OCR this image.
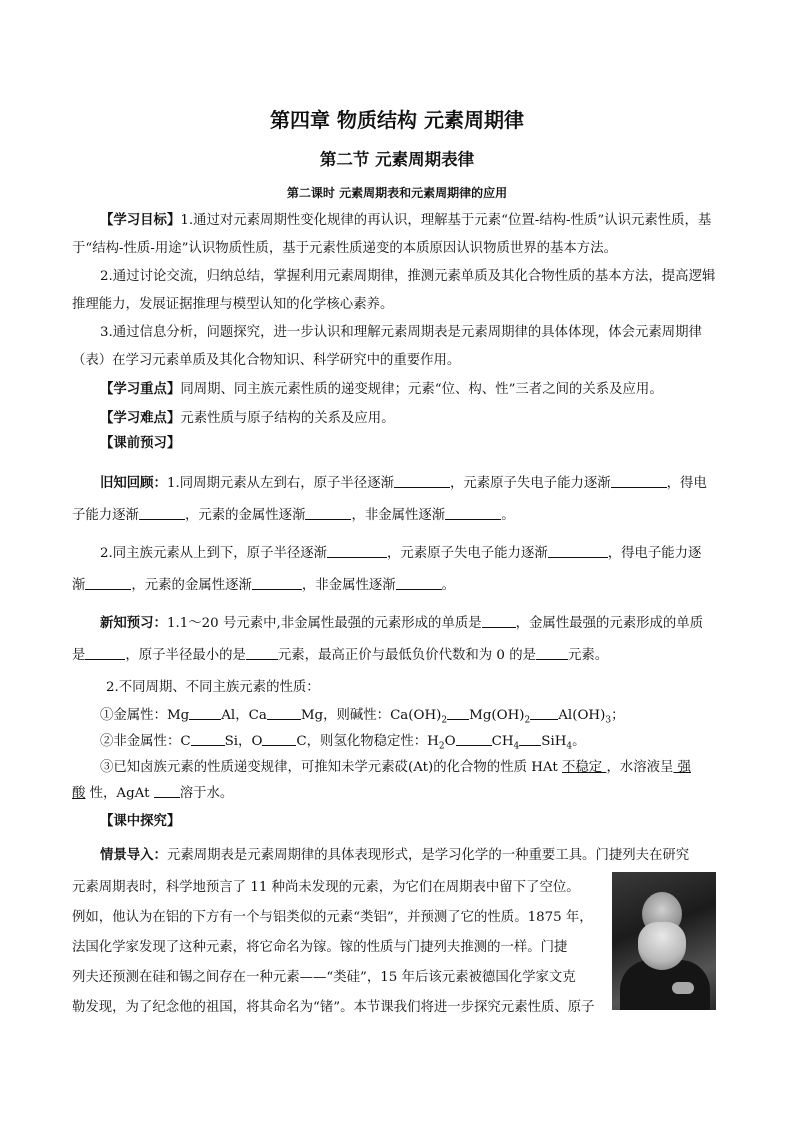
第四章 物质结构 元素周期律
第二节 元素周期表律
第二课时 元素周期表和元素周期律的应用

【学习目标】1.通过对元素周期性变化规律的再认识，理解基于元素“位置-结构-性质”认识元素性质，基于“结构-性质-用途”认识物质性质，基于元素性质递变的本质原因认识物质世界的基本方法。

2.通过讨论交流，归纳总结，掌握利用元素周期律，推测元素单质及其化合物性质的基本方法，提高逻辑推理能力，发展证据推理与模型认知的化学核心素养。

3.通过信息分析，问题探究，进一步认识和理解元素周期表是元素周期律的具体体现，体会元素周期律（表）在学习元素单质及其化合物知识、科学研究中的重要作用。

【学习重点】同周期、同主族元素性质的递变规律；元素“位、构、性”三者之间的关系及应用。

【学习难点】元素性质与原子结构的关系及应用。

【课前预习】
旧知回顾：1.同周期元素从左到右，原子半径逐渐	，元素原子失电子能力逐渐	，得电
子能力逐渐	，元素的金属性逐渐	，非金属性逐渐	。
2.同主族元素从上到下，原子半径逐渐	，元素原子失电子能力逐渐	，得电子能力逐
渐	，元素的金属性逐渐	，非金属性逐渐	。
新知预习：1.1～20 号元素中,非金属性最强的元素形成的单质是	，金属性最强的元素形成的单质
是	，原子半径最小的是 元素，最高正价与最低负价代数和为 0 的是 元素。
2.不同周期、不同主族元素的性质：
①金属性：Mg Al，Ca	Mg，则碱性：$Ca(OH)_2$ $Mg(OH)_2$ $Al(OH)_3$；
②非金属性：C	Si，O	C，则氢化物稳定性：$H_2O$	$CH_4$ SiH$_4$。
③已知卤族元素的性质递变规律，可推知未学元素砹(At)的化合物的性质 HAt 不稳定 ，水溶液呈 强
酸 性，AgAt 溶于水。
【课中探究】
情景导入：元素周期表是元素周期律的具体表现形式，是学习化学的一种重要工具。门捷列夫在研究
元素周期表时，科学地预言了 11 种尚未发现的元素，为它们在周期表中留下了空位。
例如，他认为在铝的下方有一个与铝类似的元素“类铝”，并预测了它的性质。1875 年，
法国化学家发现了这种元素，将它命名为镓。镓的性质与门捷列夫推测的一样。门捷
列夫还预测在硅和锡之间存在一种元素——“类硅”，15 年后该元素被德国化学家文克
勒发现，为了纪念他的祖国，将其命名为“锗”。本节课我们将进一步探究元素性质、原子
